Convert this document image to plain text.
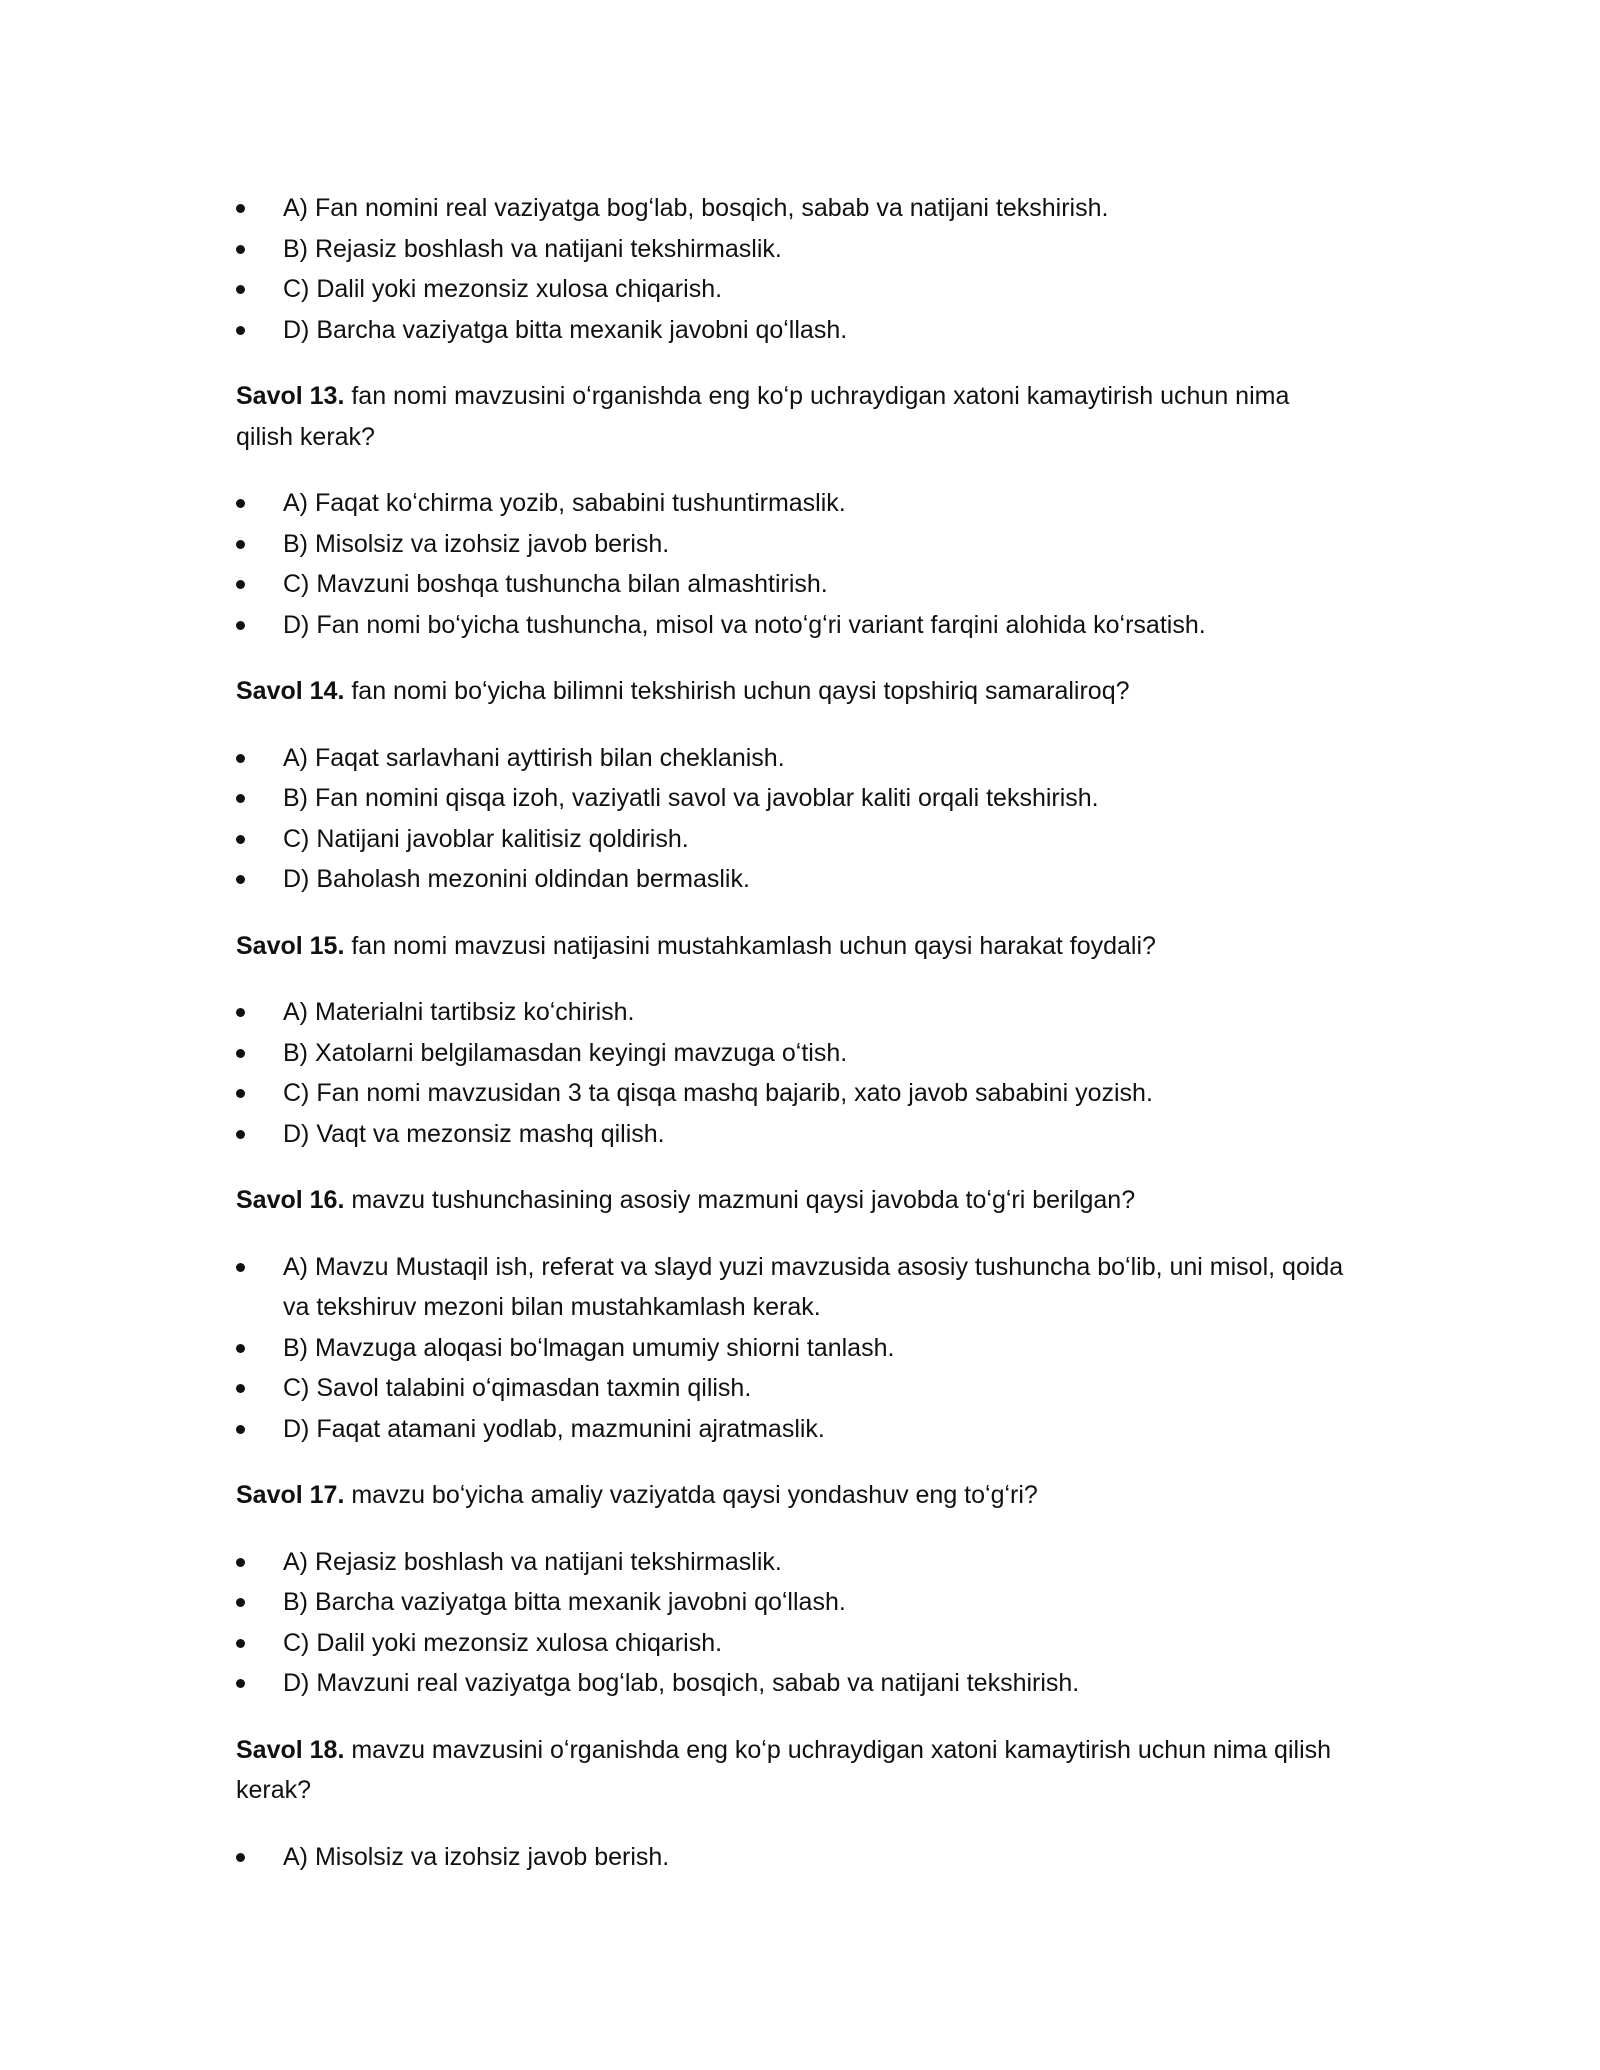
A) Fan nomini real vaziyatga bogʻlab, bosqich, sabab va natijani tekshirish.
B) Rejasiz boshlash va natijani tekshirmaslik.
C) Dalil yoki mezonsiz xulosa chiqarish.
D) Barcha vaziyatga bitta mexanik javobni qoʻllash.

Savol 13. fan nomi mavzusini oʻrganishda eng koʻp uchraydigan xatoni kamaytirish uchun nima qilish kerak?

A) Faqat koʻchirma yozib, sababini tushuntirmaslik.
B) Misolsiz va izohsiz javob berish.
C) Mavzuni boshqa tushuncha bilan almashtirish.
D) Fan nomi boʻyicha tushuncha, misol va notoʻgʻri variant farqini alohida koʻrsatish.

Savol 14. fan nomi boʻyicha bilimni tekshirish uchun qaysi topshiriq samaraliroq?

A) Faqat sarlavhani ayttirish bilan cheklanish.
B) Fan nomini qisqa izoh, vaziyatli savol va javoblar kaliti orqali tekshirish.
C) Natijani javoblar kalitisiz qoldirish.
D) Baholash mezonini oldindan bermaslik.

Savol 15. fan nomi mavzusi natijasini mustahkamlash uchun qaysi harakat foydali?

A) Materialni tartibsiz koʻchirish.
B) Xatolarni belgilamasdan keyingi mavzuga oʻtish.
C) Fan nomi mavzusidan 3 ta qisqa mashq bajarib, xato javob sababini yozish.
D) Vaqt va mezonsiz mashq qilish.

Savol 16. mavzu tushunchasining asosiy mazmuni qaysi javobda toʻgʻri berilgan?

A) Mavzu Mustaqil ish, referat va slayd yuzi mavzusida asosiy tushuncha boʻlib, uni misol, qoida va tekshiruv mezoni bilan mustahkamlash kerak.
B) Mavzuga aloqasi boʻlmagan umumiy shiorni tanlash.
C) Savol talabini oʻqimasdan taxmin qilish.
D) Faqat atamani yodlab, mazmunini ajratmaslik.

Savol 17. mavzu boʻyicha amaliy vaziyatda qaysi yondashuv eng toʻgʻri?

A) Rejasiz boshlash va natijani tekshirmaslik.
B) Barcha vaziyatga bitta mexanik javobni qoʻllash.
C) Dalil yoki mezonsiz xulosa chiqarish.
D) Mavzuni real vaziyatga bogʻlab, bosqich, sabab va natijani tekshirish.

Savol 18. mavzu mavzusini oʻrganishda eng koʻp uchraydigan xatoni kamaytirish uchun nima qilish kerak?

A) Misolsiz va izohsiz javob berish.
